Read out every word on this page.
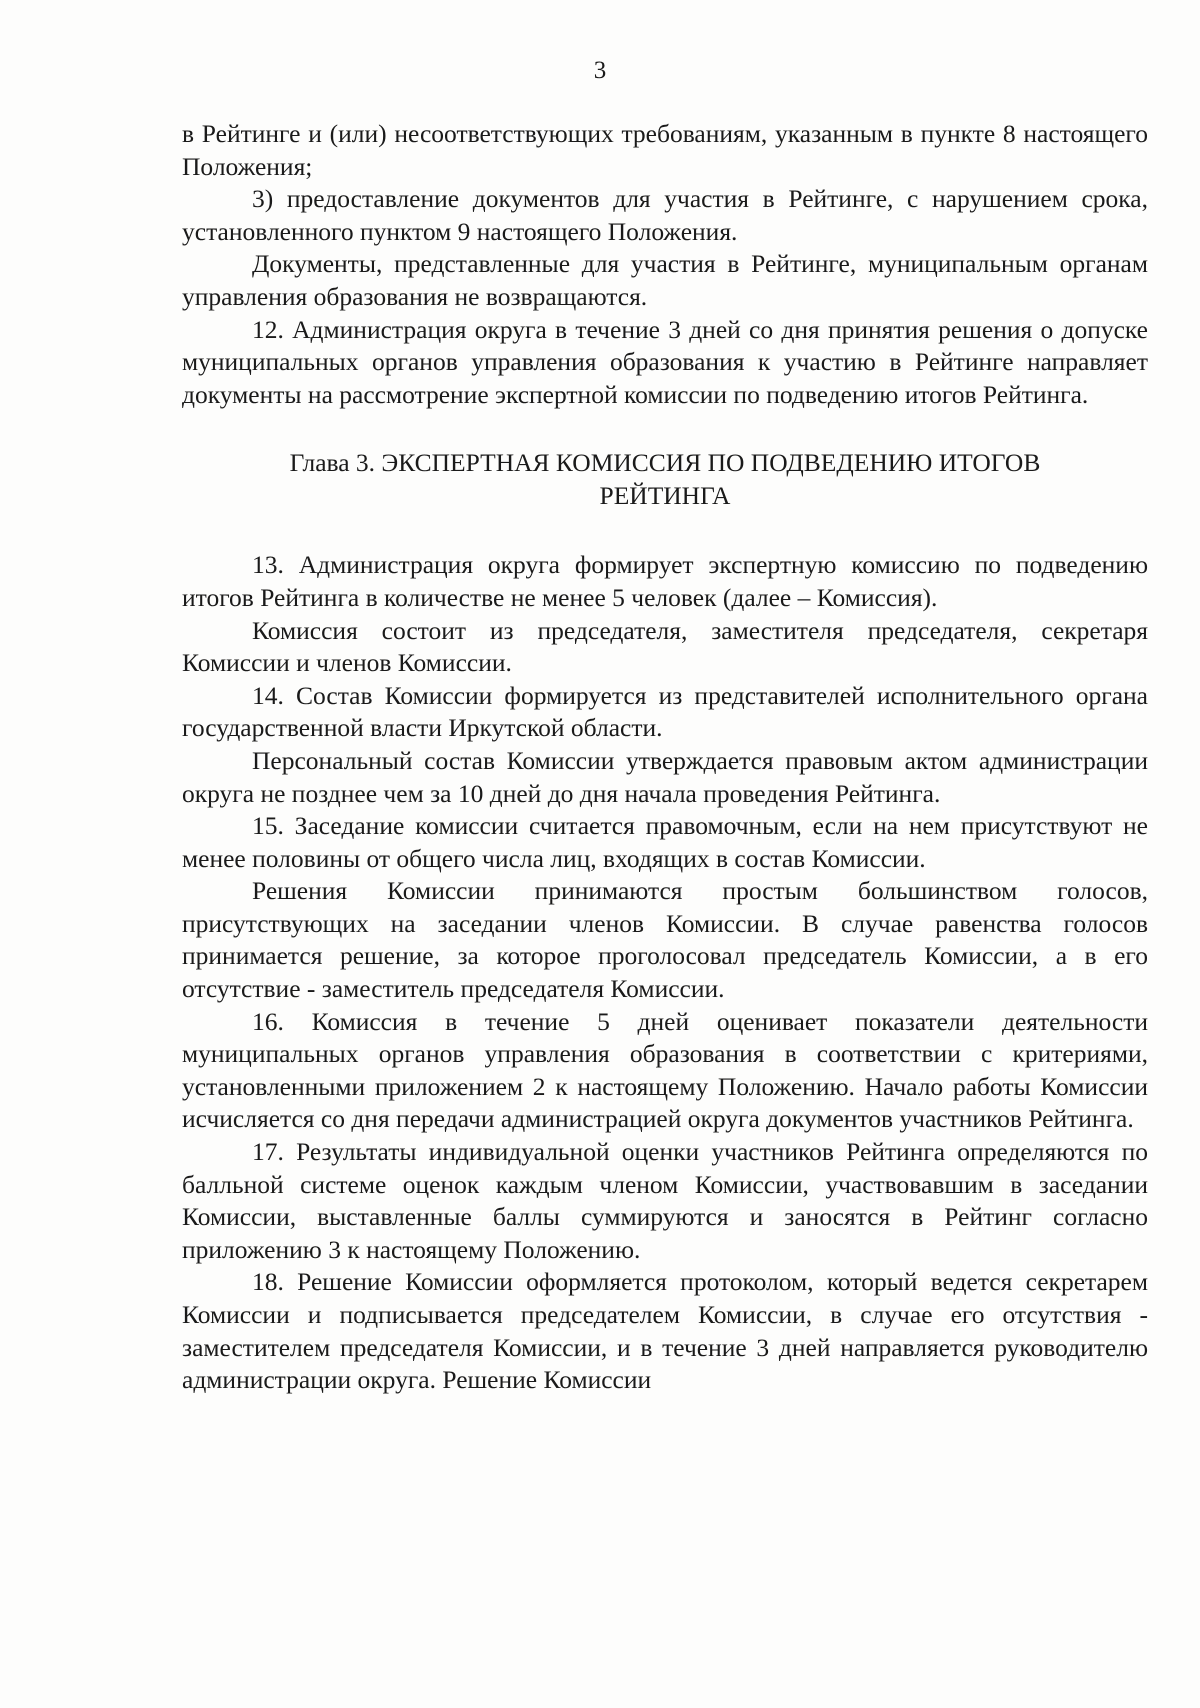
3

в Рейтинге и (или) несоответствующих требованиям, указанным в пункте 8 настоящего Положения;

3) предоставление документов для участия в Рейтинге, с нарушением срока, установленного пунктом 9 настоящего Положения.

Документы, представленные для участия в Рейтинге, муниципальным органам управления образования не возвращаются.

12. Администрация округа в течение 3 дней со дня принятия решения о допуске муниципальных органов управления образования к участию в Рейтинге направляет документы на рассмотрение экспертной комиссии по подведению итогов Рейтинга.

Глава 3. ЭКСПЕРТНАЯ КОМИССИЯ ПО ПОДВЕДЕНИЮ ИТОГОВ
РЕЙТИНГА

13. Администрация округа формирует экспертную комиссию по подведению итогов Рейтинга в количестве не менее 5 человек (далее – Комиссия).

Комиссия состоит из председателя, заместителя председателя, секретаря Комиссии и членов Комиссии.

14. Состав Комиссии формируется из представителей исполнительного органа государственной власти Иркутской области.

Персональный состав Комиссии утверждается правовым актом администрации округа не позднее чем за 10 дней до дня начала проведения Рейтинга.

15. Заседание комиссии считается правомочным, если на нем присутствуют не менее половины от общего числа лиц, входящих в состав Комиссии.

Решения Комиссии принимаются простым большинством голосов, присутствующих на заседании членов Комиссии. В случае равенства голосов принимается решение, за которое проголосовал председатель Комиссии, а в его отсутствие - заместитель председателя Комиссии.

16. Комиссия в течение 5 дней оценивает показатели деятельности муниципальных органов управления образования в соответствии с критериями, установленными приложением 2 к настоящему Положению. Начало работы Комиссии исчисляется со дня передачи администрацией округа документов участников Рейтинга.

17. Результаты индивидуальной оценки участников Рейтинга определяются по балльной системе оценок каждым членом Комиссии, участвовавшим в заседании Комиссии, выставленные баллы суммируются и заносятся в Рейтинг согласно приложению 3 к настоящему Положению.

18. Решение Комиссии оформляется протоколом, который ведется секретарем Комиссии и подписывается председателем Комиссии, в случае его отсутствия - заместителем председателя Комиссии, и в течение 3 дней направляется руководителю администрации округа. Решение Комиссии
